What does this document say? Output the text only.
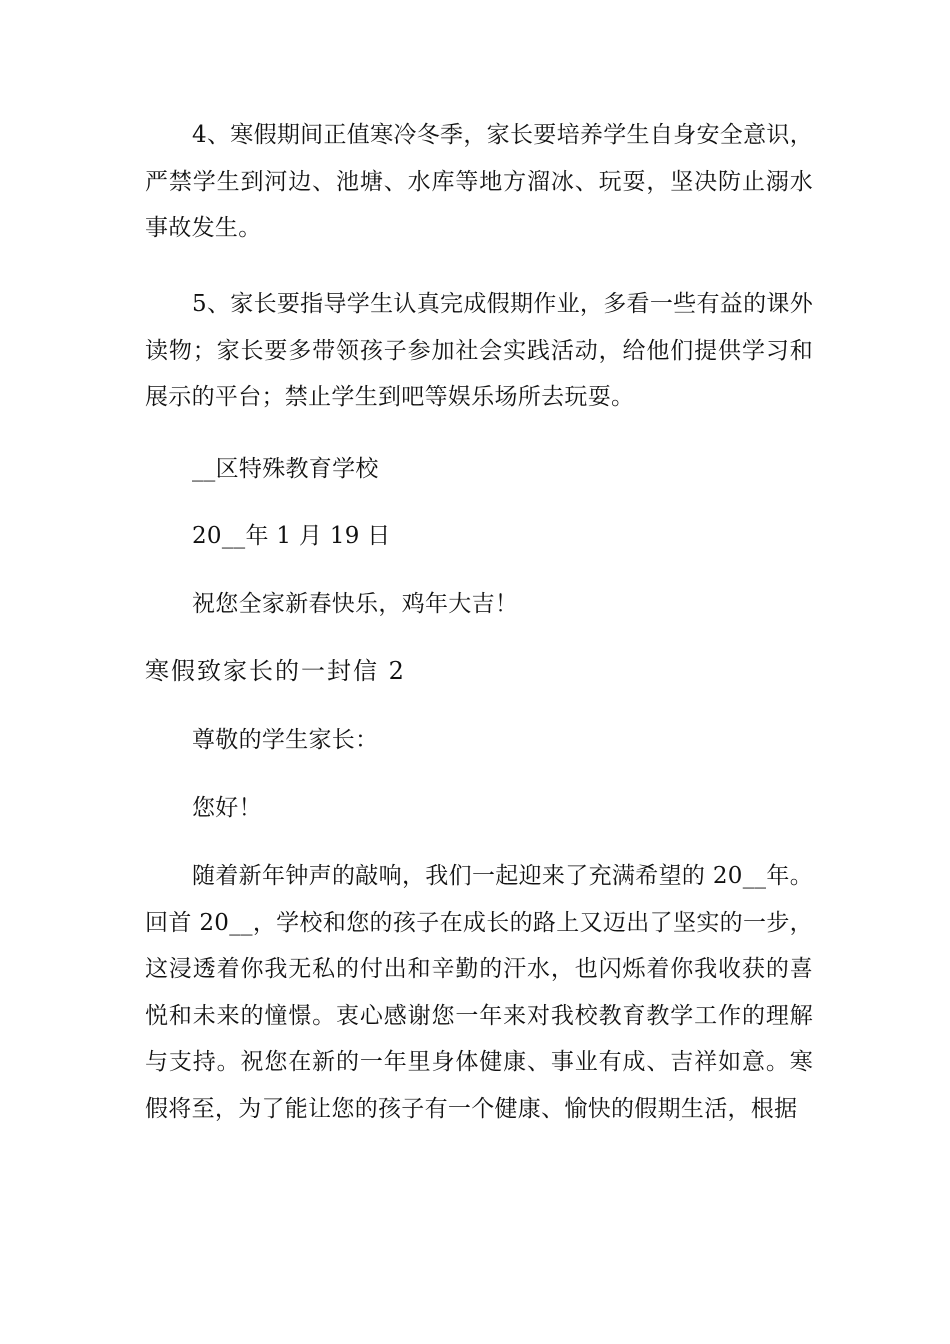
4、寒假期间正值寒冷冬季，家长要培养学生自身安全意识，严禁学生到河边、池塘、水库等地方溜冰、玩耍，坚决防止溺水事故发生。

5、家长要指导学生认真完成假期作业，多看一些有益的课外读物；家长要多带领孩子参加社会实践活动，给他们提供学习和展示的平台；禁止学生到吧等娱乐场所去玩耍。

__区特殊教育学校

20__年 1 月 19 日

祝您全家新春快乐，鸡年大吉！

寒假致家长的一封信 2

尊敬的学生家长：

您好！

随着新年钟声的敲响，我们一起迎来了充满希望的 20__年。回首 20__，学校和您的孩子在成长的路上又迈出了坚实的一步，这浸透着你我无私的付出和辛勤的汗水，也闪烁着你我收获的喜悦和未来的憧憬。衷心感谢您一年来对我校教育教学工作的理解与支持。祝您在新的一年里身体健康、事业有成、吉祥如意。寒假将至，为了能让您的孩子有一个健康、愉快的假期生活，根据
